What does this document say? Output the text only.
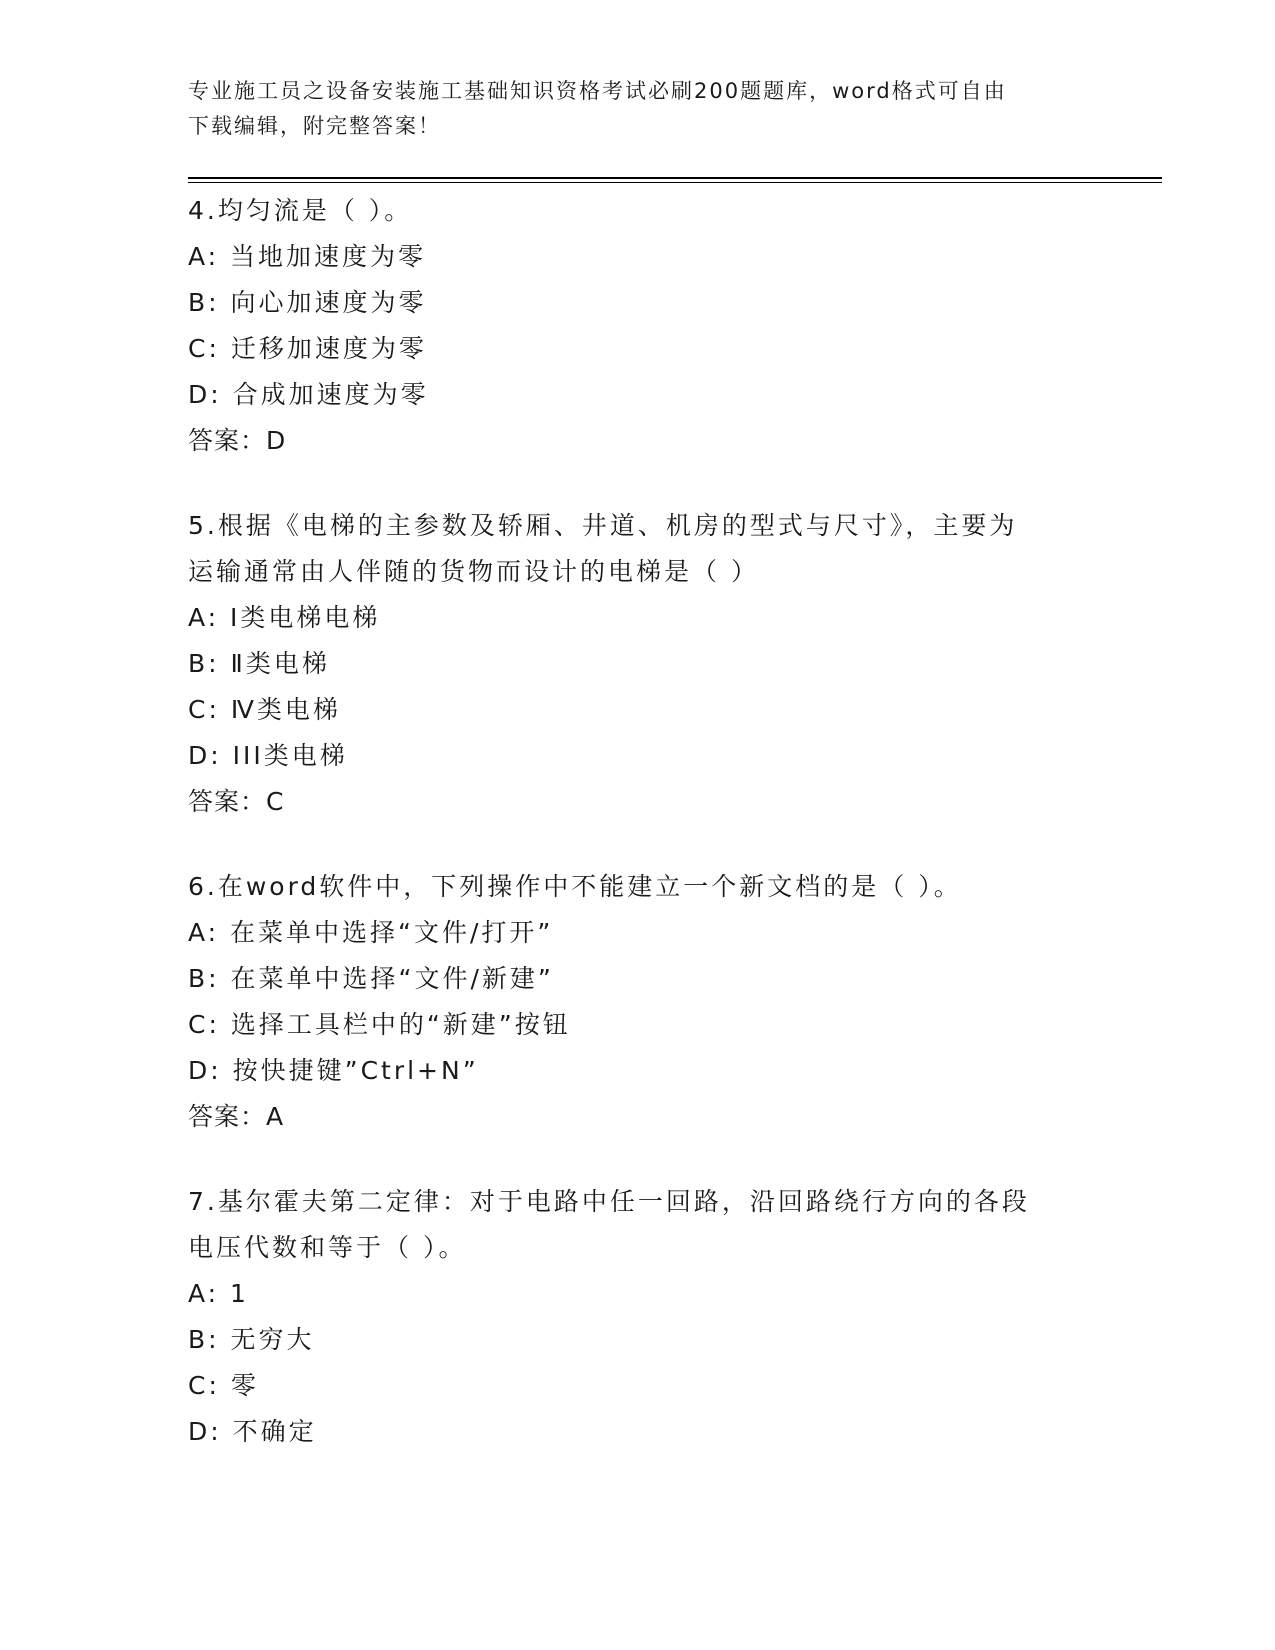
专业施工员之设备安装施工基础知识资格考试必刷200题题库，word格式可自由
下载编辑，附完整答案！
4.均匀流是（ ）。
A: 当地加速度为零
B: 向心加速度为零
C: 迁移加速度为零
D: 合成加速度为零
答案：D
5.根据《电梯的主参数及轿厢、井道、机房的型式与尺寸》，主要为
运输通常由人伴随的货物而设计的电梯是（ ）
A: Ⅰ类电梯电梯
B: Ⅱ类电梯
C: Ⅳ类电梯
D: III类电梯
答案：C
6.在word软件中，下列操作中不能建立一个新文档的是（ ）。
A: 在菜单中选择“文件/打开”
B: 在菜单中选择“文件/新建”
C: 选择工具栏中的“新建”按钮
D: 按快捷键”Ctrl+N”
答案：A
7.基尔霍夫第二定律：对于电路中任一回路，沿回路绕行方向的各段
电压代数和等于（ ）。
A: 1
B: 无穷大
C: 零
D: 不确定
